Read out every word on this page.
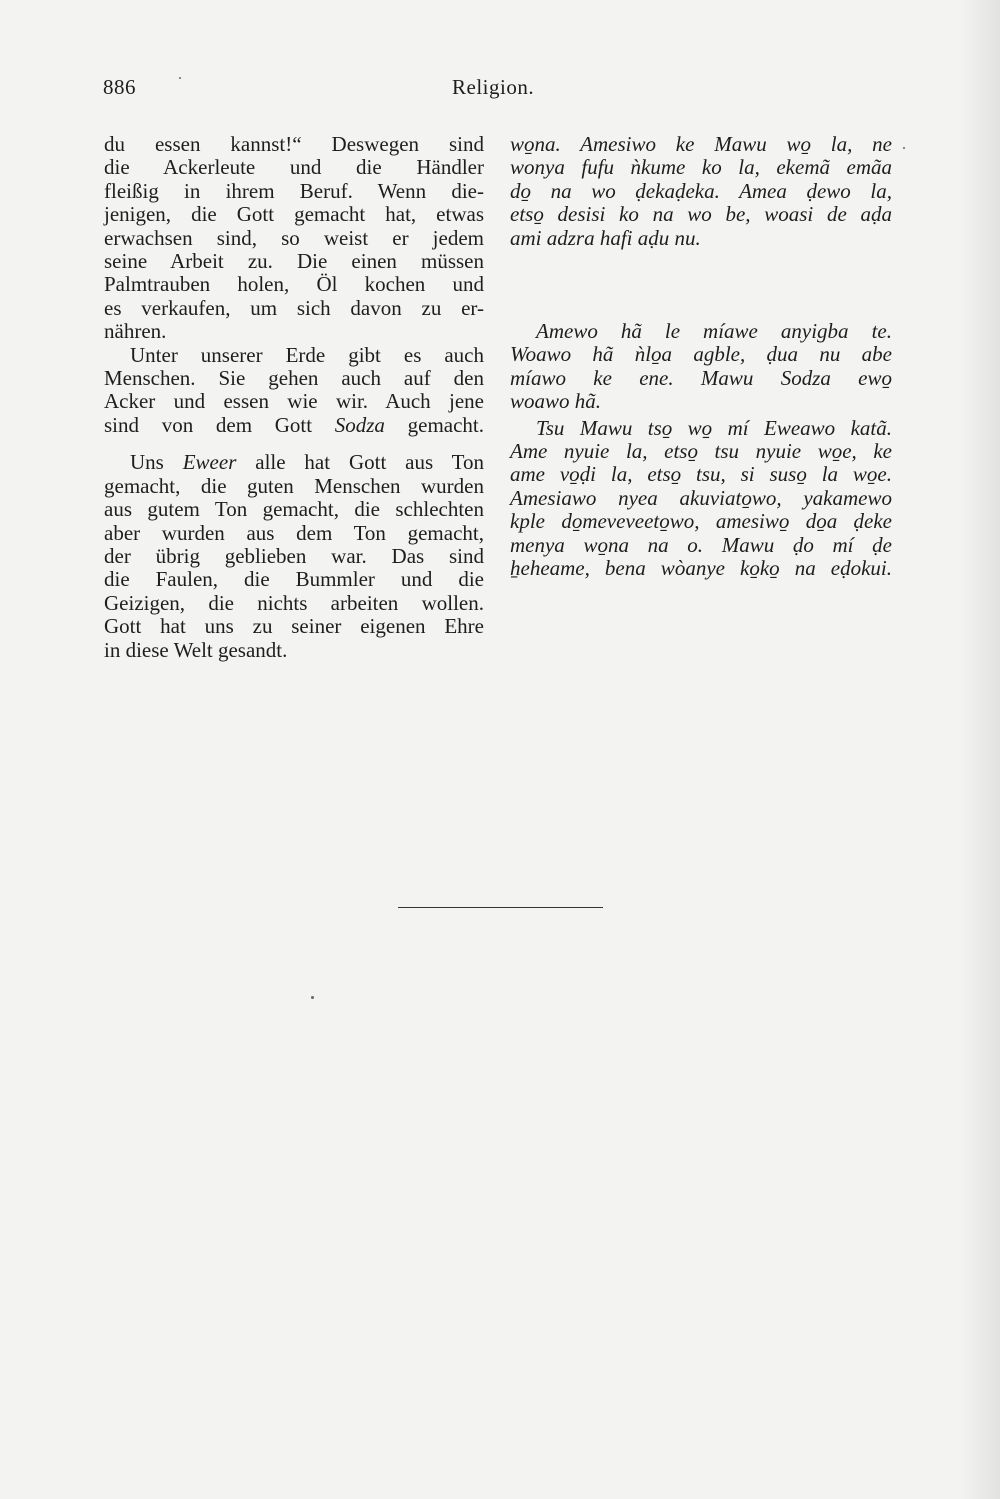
886	Religion.
du essen kannst!“ Deswegen sind
die Ackerleute und die Händler
fleißig in ihrem Beruf. Wenn die-
jenigen, die Gott gemacht hat, etwas
erwachsen sind, so weist er jedem
seine Arbeit zu. Die einen müssen
Palmtrauben holen, Öl kochen und
es verkaufen, um sich davon zu er-
nähren.
Unter unserer Erde gibt es auch
Menschen. Sie gehen auch auf den
Acker und essen wie wir. Auch jene
sind von dem Gott Sodza gemacht.
Uns Eweer alle hat Gott aus Ton
gemacht, die guten Menschen wurden
aus gutem Ton gemacht, die schlechten
aber wurden aus dem Ton gemacht,
der übrig geblieben war. Das sind
die Faulen, die Bummler und die
Geizigen, die nichts arbeiten wollen.
Gott hat uns zu seiner eigenen Ehre
in diese Welt gesandt.
wo̱na. Amesiwo ke Mawu wo̱ la, ne
wonya fufu ǹkume ko la, ekemã emãa
do̱ na wo ḍekaḍeka. Amea ḍewo la,
etso̱ desisi ko na wo be, woasi de aḍa
ami adzra hafi aḍu nu.
Amewo hã le míawe anyigba te.
Woawo hã ǹlo̱a agble, ḍua nu abe
míawo ke ene. Mawu Sodza ewo̱
woawo hã.
Tsu Mawu tso̱ wo̱ mí Eweawo katã.
Ame nyuie la, etso̱ tsu nyuie wo̱e, ke
ame vo̱ḍi la, etso̱ tsu, si suso̱ la wo̱e.
Amesiawo nyea akuviato̱wo, yakamewo
kple do̱meveveeto̱wo, amesiwo̱ do̱a ḍeke
menya wo̱na na o. Mawu ḍo mí ḍe
ẖeheame, bena wòanye ko̱ko̱ na eḍokui.
